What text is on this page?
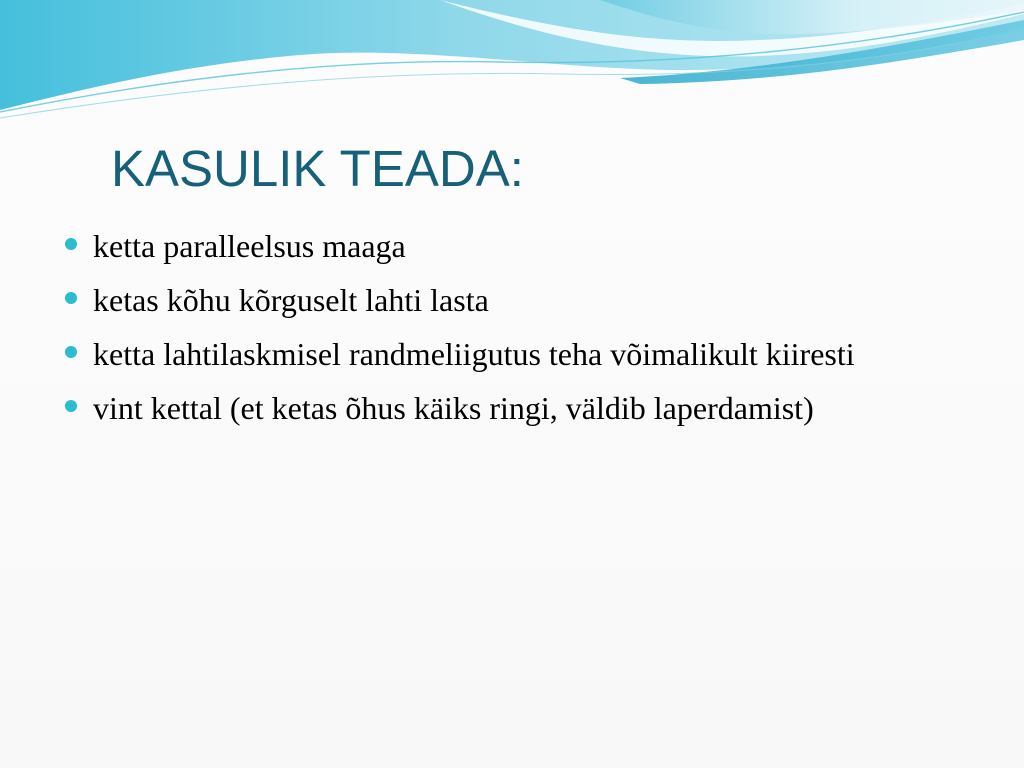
KASULIK TEADA:
ketta paralleelsus maaga
ketas kõhu kõrguselt lahti lasta
ketta lahtilaskmisel randmeliigutus teha võimalikult kiiresti
vint kettal (et ketas õhus käiks ringi, väldib laperdamist)
